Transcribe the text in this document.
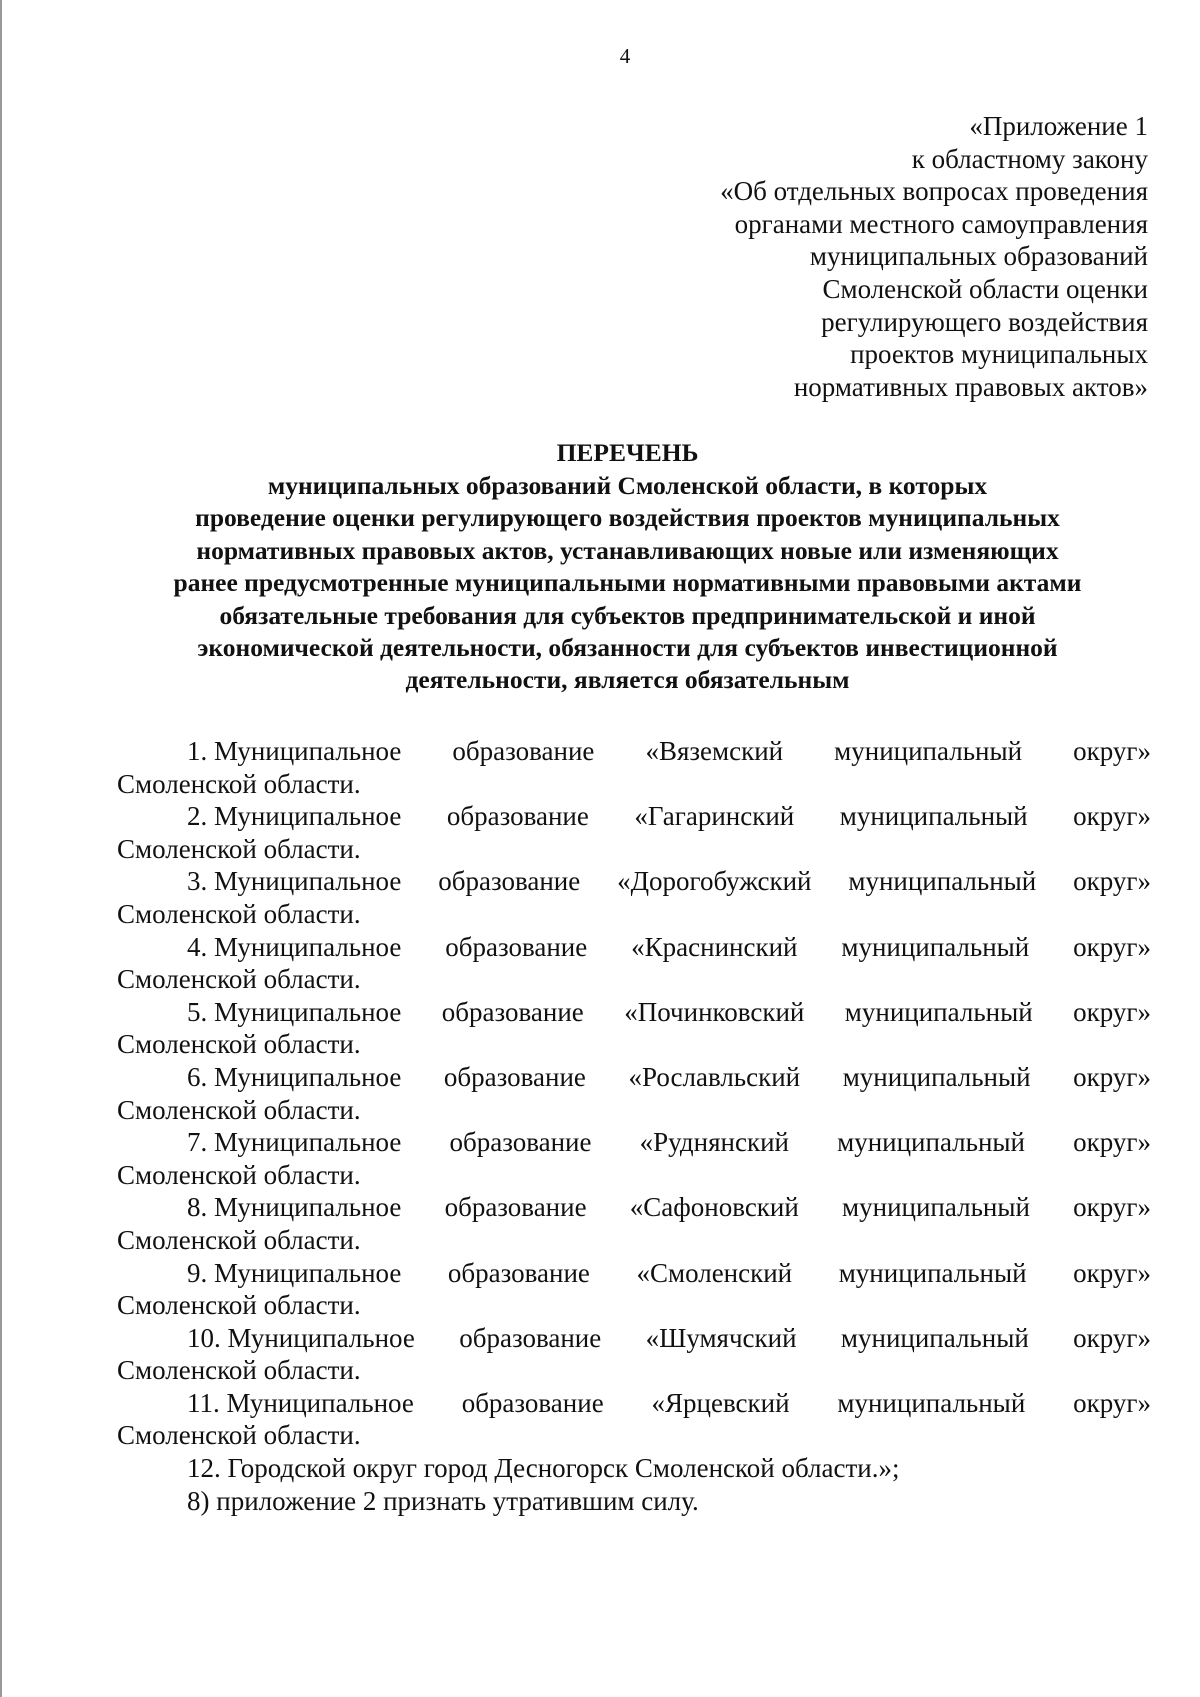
4
«Приложение 1
к областному закону
«Об отдельных вопросах проведения
органами местного самоуправления
муниципальных образований
Смоленской области оценки
регулирующего воздействия
проектов муниципальных
нормативных правовых актов»
ПЕРЕЧЕНЬ
муниципальных образований Смоленской области, в которых
проведение оценки регулирующего воздействия проектов муниципальных
нормативных правовых актов, устанавливающих новые или изменяющих
ранее предусмотренные муниципальными нормативными правовыми актами
обязательные требования для субъектов предпринимательской и иной
экономической деятельности, обязанности для субъектов инвестиционной
деятельности, является обязательным
1. Муниципальное образование «Вяземский муниципальный округ»
Смоленской области.
2. Муниципальное образование «Гагаринский муниципальный округ»
Смоленской области.
3. Муниципальное образование «Дорогобужский муниципальный округ»
Смоленской области.
4. Муниципальное образование «Краснинский муниципальный округ»
Смоленской области.
5. Муниципальное образование «Починковский муниципальный округ»
Смоленской области.
6. Муниципальное образование «Рославльский муниципальный округ»
Смоленской области.
7. Муниципальное образование «Руднянский муниципальный округ»
Смоленской области.
8. Муниципальное образование «Сафоновский муниципальный округ»
Смоленской области.
9. Муниципальное образование «Смоленский муниципальный округ»
Смоленской области.
10. Муниципальное образование «Шумячский муниципальный округ»
Смоленской области.
11. Муниципальное образование «Ярцевский муниципальный округ»
Смоленской области.
12. Городской округ город Десногорск Смоленской области.»;
8) приложение 2 признать утратившим силу.
